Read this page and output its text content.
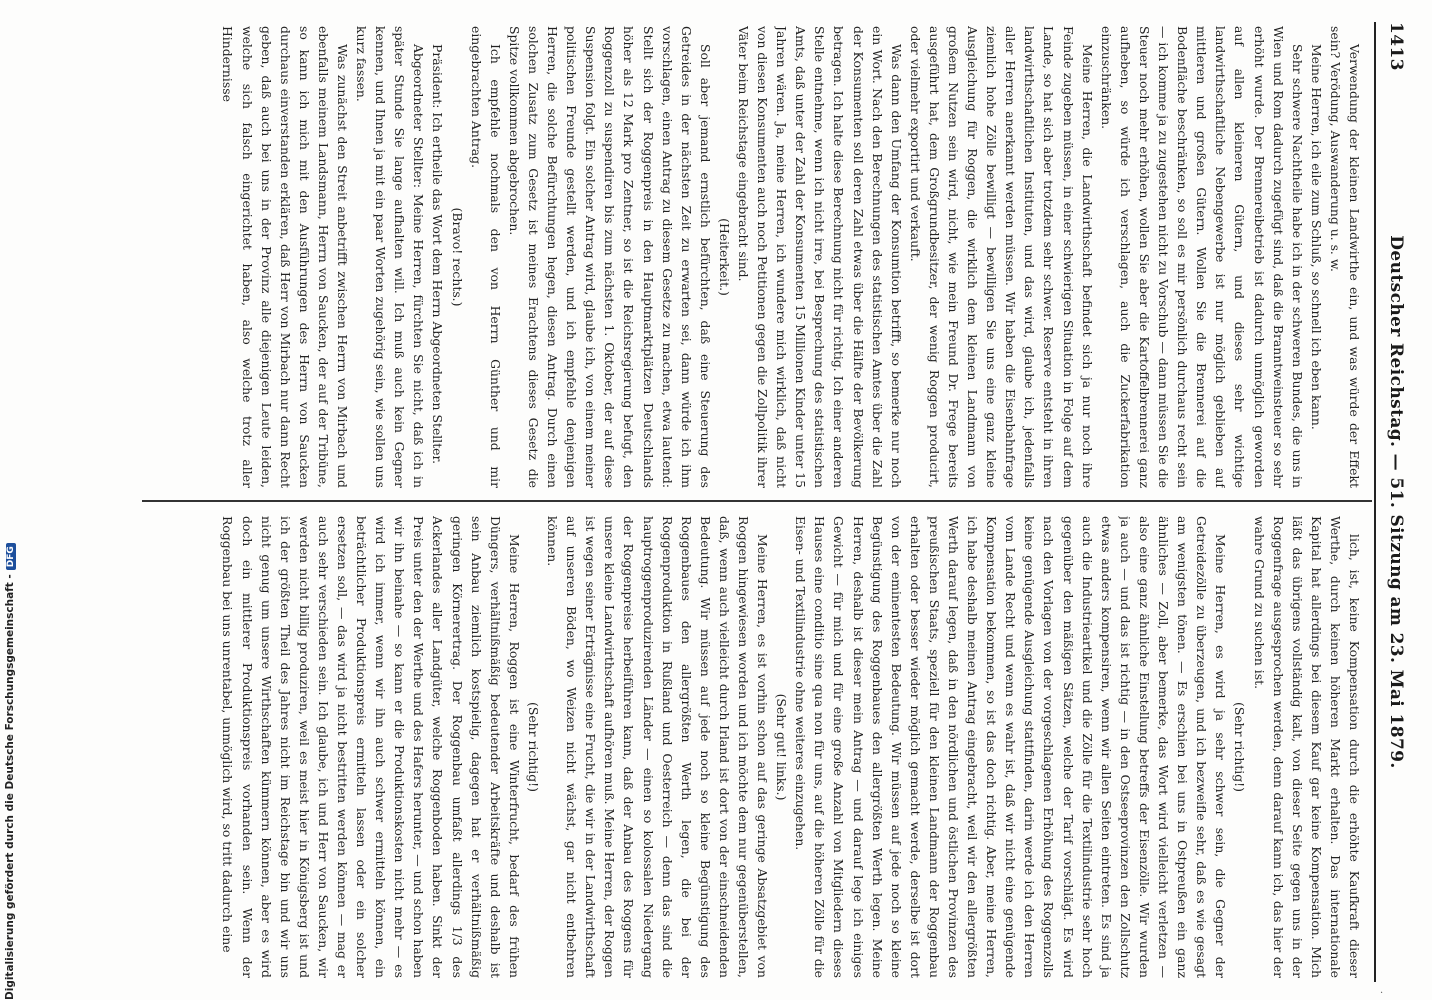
1413
Deutscher Reichstag. — 51. Sitzung am 23. Mai 1879.

Verwendung der kleinen Landwirthe ein, und was würde der Effekt sein? Verödung, Auswanderung u. s. w.

Meine Herren, ich eile zum Schluß, so schnell ich eben kann.

Sehr schwere Nachtheile habe ich in der schweren Bundes, die uns in Wien und Rom dadurch zugefügt sind, daß die Branntweinsteuer so sehr erhöht wurde. Der Brennereibetrieb ist dadurch unmöglich geworden auf allen kleineren Gütern, und dieses sehr wichtige landwirthschaftliche Nebengewerbe ist nur möglich geblieben auf mittleren und großen Gütern. Wollen Sie die Brennerei auf die Bodenfläche beschränken, so soll es mir persönlich durchaus recht sein — ich komme ja zu zugestehen nicht zu Vorschub — dann müssen Sie die Steuer noch mehr erhöhen, wollen Sie aber die Kartoffelbrennerei ganz aufheben, so würde ich verschlagen, auch die Zuckerfabrikation einzuschränken.

Meine Herren, die Landwirthschaft befindet sich ja nur noch ihre Feinde zugeben müssen, in einer schwierigen Situation in Folge auf dem Lande, so hat sich aber trotzdem sehr schwer. Reserve entsteht in ihren landwirthschaftlichen Instituten, und das wird, glaube ich, jedenfalls aller Herren anerkannt werden müssen. Wir haben die Eisenbahnfrage ziemlich hohe Zölle bewilligt — bewilligen Sie uns eine ganz kleine Ausgleichung für Roggen, die wirklich dem kleinen Landmann von großem Nutzen sein wird, nicht, wie mein Freund Dr. Frege bereits ausgeführt hat, dem Großgrundbesitzer, der wenig Roggen producirt, oder vielmehr exportirt und verkauft.

Was dann den Umfang der Konsumtion betrifft, so bemerke nur noch ein Wort. Nach den Berechnungen des statistischen Amtes über die Zahl der Konsumenten soll deren Zahl etwas über die Hälfte der Bevölkerung betragen. Ich halte diese Berechnung nicht für richtig. Ich einer anderen Stelle entnehme, wenn ich nicht irre, bei Besprechung des statistischen Amts, daß unter der Zahl der Konsumenten 15 Millionen Kinder unter 15 Jahren wären. Ja, meine Herren, ich wundere mich wirklich, daß nicht von diesen Konsumenten auch noch Petitionen gegen die Zollpolitik ihrer Väter beim Reichstage eingebracht sind.

(Heiterkeit.)

Soll aber jemand ernstlich befürchten, daß eine Steuerung des Getreides in der nächsten Zeit zu erwarten sei, dann würde ich ihm vorschlagen, einen Antrag zu diesem Gesetze zu machen, etwa lautend: Stellt sich der Roggenpreis in den Hauptmarktplätzen Deutschlands höher als 12 Mark pro Zentner, so ist die Reichsregierung befugt, den Roggenzoll zu suspendiren bis zum nächsten 1. Oktober, der auf diese Suspension folgt. Ein solcher Antrag wird, glaube ich, von einem meiner politischen Freunde gestellt werden, und ich empfehle denjenigen Herren, die solche Befürchtungen hegen, diesen Antrag. Durch einen solchen Zusatz zum Gesetz ist meines Erachtens dieses Gesetz die Spitze vollkommen abgebrochen.

Ich empfehle nochmals den von Herrn Günther und mir eingebrachten Antrag.

(Bravo! rechts.)

Präsident: Ich ertheile das Wort dem Herrn Abgeordneten Stellter.

Abgeordneter Stellter: Meine Herren, fürchten Sie nicht, daß ich in später Stunde Sie lange aufhalten will. Ich muß auch kein Gegner kennen, und Ihnen ja mit ein paar Worten zugehörig sein, wie sollen uns kurz fassen.

Was zunächst den Streit anbetrifft zwischen Herrn von Mirbach und ebenfalls meinem Landsmann, Herrn von Saucken, der auf der Tribüne, so kann ich mich mit den Ausführungen des Herrn von Saucken durchaus einverstanden erklären, daß Herr von Mirbach nur dann Recht geben, daß auch bei uns in der Provinz alle diejenigen Leute leiden, welche sich falsch eingerichtet haben, also welche trotz aller Hindernisse

lich, ist, keine Kompensation durch die erhöhte Kaufkraft dieser Werthe, durch keinen höheren Markt erhalten. Das internationale Kapital hat allerdings bei diesem Kauf gar keine Kompensation. Mich läßt das übrigens vollständig kalt, von dieser Seite gegen uns in der Roggenfrage ausgesprochen werden, denn darauf kann ich, das hier der wahre Grund zu suchen ist.

(Sehr richtig!)

Meine Herren, es wird ja sehr schwer sein, die Gegner der Getreidezölle zu überzeugen, und ich bezweifle sehr, daß es wie gesagt am wenigsten tönen. — Es erschien bei uns in Ostpreußen ein ganz ähnliches — Zoll, aber bemerke, das Wort wird vielleicht verletzen — also eine ganz ähnliche Einstellung betreffs der Eisenzölle. Wir wurden ja auch — und das ist richtig — in den Ostseeprovinzen den Zollschutz etwas anders kompensiren, wenn wir allen Seiten eintreten. Es sind ja auch die Industrieartikel und die Zölle für die Textilindustrie sehr hoch gegenüber den mäßigen Sätzen, welche der Tarif vorschlägt. Es wird nach den Vorlagen von der vorgeschlagenen Erhöhung des Roggenzolls keine genügende Ausgleichung stattfinden, darin werde ich den Herren vom Lande Recht und wenn es wahr ist, daß wir nicht eine genügende Kompensation bekommen, so ist das doch richtig. Aber, meine Herren, ich habe deshalb meinen Antrag eingebracht, weil wir den allergrößten Werth darauf legen, daß in den nördlichen und östlichen Provinzen des preußischen Staats, speziell für den kleinen Landmann der Roggenbau erhalten oder besser wieder möglich gemacht werde, derselbe ist dort von der eminentesten Bedeutung. Wir müssen auf jede noch so kleine Begünstigung des Roggenbaues den allergrößten Werth legen. Meine Herren, deshalb ist dieser mein Antrag — und darauf lege ich einiges Gewicht — für mich und für eine große Anzahl von Mitgliedern dieses Hauses eine conditio sine qua non für uns, auf die höheren Zölle für die Eisen- und Textilindustrie ohne weiteres einzugehen.

(Sehr gut! links.)

Meine Herren, es ist vorhin schon auf das geringe Absatzgebiet von Roggen hingewiesen worden und ich möchte dem nur gegenüberstellen, daß, wenn auch vielleicht durch Irland ist dort von der einschneidenden Bedeutung. Wir müssen auf jede noch so kleine Begünstigung des Roggenbaues den allergrößten Werth legen, die bei der Roggenproduktion in Rußland und Oesterreich — denn das sind die hauptroggenproduzirenden Länder — einen so kolossalen Niedergang der Roggenpreise herbeiführen kann, daß der Anbau des Roggens für unsere kleine Landwirthschaft aufhören muß. Meine Herren, der Roggen ist wegen seiner Erträgnisse eine Frucht, die wir in der Landwirthschaft auf unseren Böden, wo Weizen nicht wächst, gar nicht entbehren können.

(Sehr richtig!)

Meine Herren, Roggen ist eine Winterfrucht, bedarf des frühen Düngers, verhältnißmäßig bedeutender Arbeitskräfte und deshalb ist sein Anbau ziemlich kostspielig, dagegen hat er verhältnißmäßig geringen Körnerertrag. Der Roggenbau umfaßt allerdings 1/3 des Ackerlandes aller Landgüter, welche Roggenboden haben. Sinkt der Preis unter den der Werthe und des Hafers herunter, — und schon haben wir ihn beinahe — so kann er die Produktionskosten nicht mehr — es wird ich immer, wenn wir ihn auch schwer ermitteln können, ein beträchtlicher Produktionspreis ermitteln lassen oder ein solcher ersetzen soll, — das wird ja nicht bestritten werden können — mag er auch sehr verschieden sein. Ich glaube, ich und Herr von Saucken, wir werden nicht billig produziren, weil es meist hier in Königsberg ist und ich der größten Theil des Jahres nicht im Reichstage bin und wir uns nicht genug um unsere Wirthschaften kümmern können, aber es wird doch ein mittlerer Produktionspreis vorhanden sein. Wenn der Roggenbau bei uns unrentabel, unmöglich wird, so tritt dadurch eine

Digitalisierung gefördert durch die Deutsche Forschungsgemeinschaft -DFG
·
